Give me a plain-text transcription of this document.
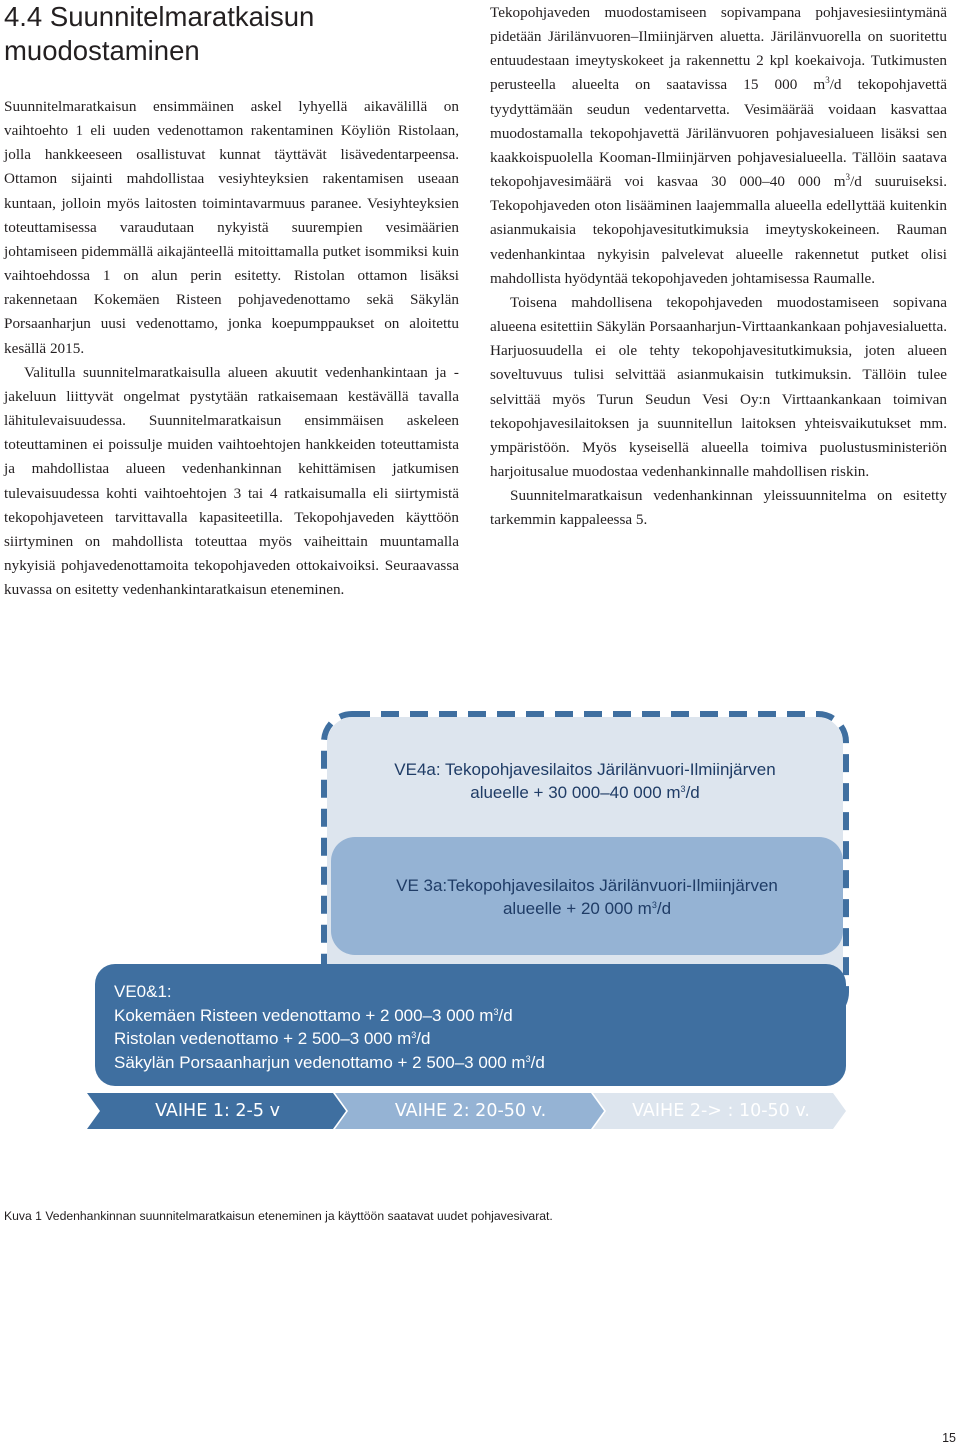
4.4 Suunnitelmaratkaisun
muodostaminen

Suunnitelmaratkaisun ensimmäinen askel lyhyellä aikavälillä on vaihtoehto 1 eli uuden vedenottamon rakentaminen Köyliön Ristolaan, jolla hankkeeseen osallistuvat kunnat täyttävät lisävedentarpeensa. Ottamon sijainti mahdollistaa vesiyhteyksien rakentamisen useaan kuntaan, jolloin myös laitosten toimintavarmuus paranee. Vesiyhteyksien toteuttamisessa varaudutaan nykyistä suurempien vesimäärien johtamiseen pidemmällä aikajänteellä mitoittamalla putket isommiksi kuin vaihtoehdossa 1 on alun perin esitetty. Ristolan ottamon lisäksi rakennetaan Kokemäen Risteen pohjavedenottamo sekä Säkylän Porsaanharjun uusi vedenottamo, jonka koepumppaukset on aloitettu kesällä 2015.

Valitulla suunnitelmaratkaisulla alueen akuutit vedenhankintaan ja -jakeluun liittyvät ongelmat pystytään ratkaisemaan kestävällä tavalla lähitulevaisuudessa. Suunnitelmaratkaisun ensimmäisen askeleen toteuttaminen ei poissulje muiden vaihtoehtojen hankkeiden toteuttamista ja mahdollistaa alueen vedenhankinnan kehittämisen jatkumisen tulevaisuudessa kohti vaihtoehtojen 3 tai 4 ratkaisumalla eli siirtymistä tekopohjaveteen tarvittavalla kapasiteetilla. Tekopohjaveden käyttöön siirtyminen on mahdollista toteuttaa myös vaiheittain muuntamalla nykyisiä pohjavedenottamoita tekopohjaveden ottokaivoiksi. Seuraavassa kuvassa on esitetty vedenhankintaratkaisun eteneminen.

Tekopohjaveden muodostamiseen sopivampana pohjavesiesiintymänä pidetään Järilänvuoren–Ilmiinjärven aluetta. Järilänvuorella on suoritettu entuudestaan imeytyskokeet ja rakennettu 2 kpl koekaivoja. Tutkimusten perusteella alueelta on saatavissa 15 000 $m^3/d$ tekopohjavettä tyydyttämään seudun vedentarvetta. Vesimäärää voidaan kasvattaa muodostamalla tekopohjavettä Järilänvuoren pohjavesialueen lisäksi sen kaakkoispuolella Kooman-Ilmiinjärven pohjavesialueella. Tällöin saatava tekopohjavesimäärä voi kasvaa 30 000–40 000 $m^3/d$ suuruiseksi. Tekopohjaveden oton lisääminen laajemmalla alueella edellyttää kuitenkin asianmukaisia tekopohjavesitutkimuksia imeytyskokeineen. Rauman vedenhankintaa nykyisin palvelevat alueelle rakennetut putket olisi mahdollista hyödyntää tekopohjaveden johtamisessa Raumalle.

Toisena mahdollisena tekopohjaveden muodostamiseen sopivana alueena esitettiin Säkylän Porsaanharjun-Virttaankankaan pohjavesialuetta. Harjuosuudella ei ole tehty tekopohjavesitutkimuksia, joten alueen soveltuvuus tulisi selvittää asianmukaisin tutkimuksin. Tällöin tulee selvittää myös Turun Seudun Vesi Oy:n Virttaankankaan toimivan tekopohjavesilaitoksen ja suunnitellun laitoksen yhteisvaikutukset mm. ympäristöön. Myös kyseisellä alueella toimiva puolustusministeriön harjoitusalue muodostaa vedenhankinnalle mahdollisen riskin.

Suunnitelmaratkaisun vedenhankinnan yleissuunnitelma on esitetty tarkemmin kappaleessa 5.

VE4a: Tekopohjavesilaitos Järilänvuori-Ilmiinjärven
alueelle + 30 000–40 000 $m^3/d$
VE 3a:Tekopohjavesilaitos Järilänvuori-Ilmiinjärven
alueelle + 20 000 $m^3/d$
VE0&1:
Kokemäen Risteen vedenottamo + 2 000–3 000 $m^3/d$
Ristolan vedenottamo + 2 500–3 000 $m^3/d$
Säkylän Porsaanharjun vedenottamo + 2 500–3 000 $m^3/d$
VAIHE 1: 2-5 v	VAIHE 2: 20-50 v.	VAIHE 2-> : 10-50 v.
Kuva 1 Vedenhankinnan suunnitelmaratkaisun eteneminen ja käyttöön saatavat uudet pohjavesivarat.
15
